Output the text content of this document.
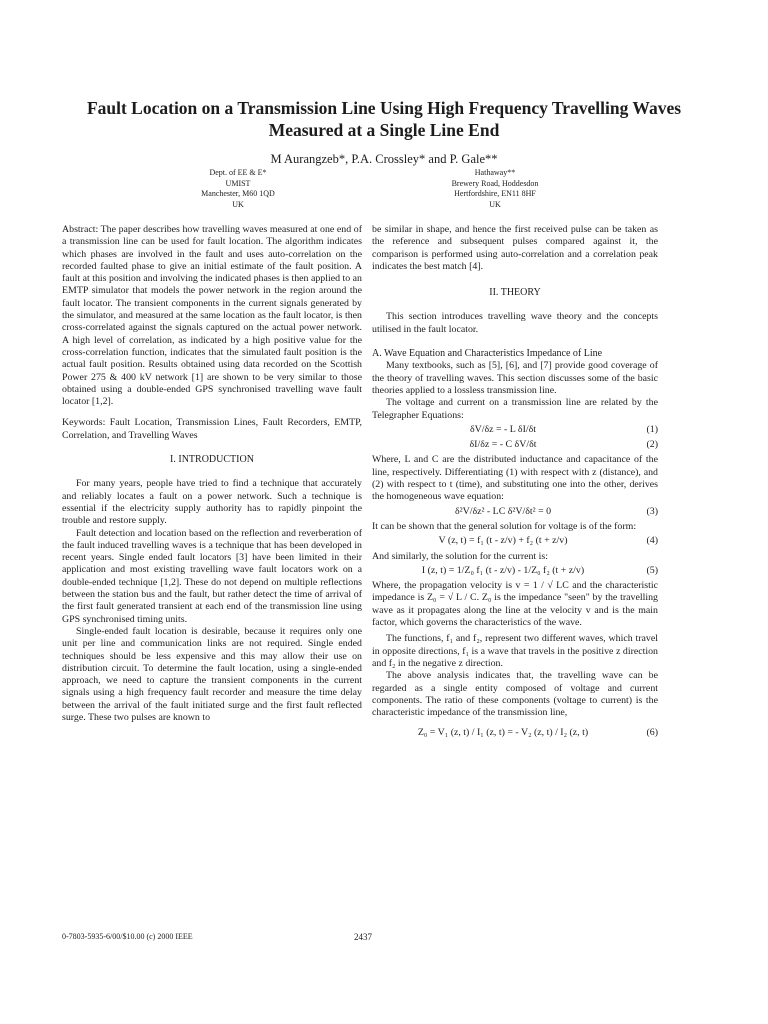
Fault Location on a Transmission Line Using High Frequency Travelling Waves
Measured at a Single Line End
M Aurangzeb*, P.A. Crossley* and P. Gale**
Dept. of EE & E*
UMIST
Manchester, M60 1QD
UK
Hathaway**
Brewery Road, Hoddesdon
Hertfordshire, EN11 8HF
UK

Abstract: The paper describes how travelling waves measured at one end of a transmission line can be used for fault location. The algorithm indicates which phases are involved in the fault and uses auto-correlation on the recorded faulted phase to give an initial estimate of the fault position. A fault at this position and involving the indicated phases is then applied to an EMTP simulator that models the power network in the region around the fault locator. The transient components in the current signals generated by the simulator, and measured at the same location as the fault locator, is then cross-correlated against the signals captured on the actual power network. A high level of correlation, as indicated by a high positive value for the cross-correlation function, indicates that the simulated fault position is the actual fault position. Results obtained using data recorded on the Scottish Power 275 & 400 kV network [1] are shown to be very similar to those obtained using a double-ended GPS synchronised travelling wave fault locator [1,2].

Keywords: Fault Location, Transmission Lines, Fault Recorders, EMTP, Correlation, and Travelling Waves

I. INTRODUCTION

For many years, people have tried to find a technique that accurately and reliably locates a fault on a power network. Such a technique is essential if the electricity supply authority has to rapidly pinpoint the trouble and restore supply.

Fault detection and location based on the reflection and reverberation of the fault induced travelling waves is a technique that has been developed in recent years. Single ended fault locators [3] have been limited in their application and most existing travelling wave fault locators work on a double-ended technique [1,2]. These do not depend on multiple reflections between the station bus and the fault, but rather detect the time of arrival of the first fault generated transient at each end of the transmission line using GPS synchronised timing units.

Single-ended fault location is desirable, because it requires only one unit per line and communication links are not required. Single ended techniques should be less expensive and this may allow their use on distribution circuit. To determine the fault location, using a single-ended approach, we need to capture the transient components in the current signals using a high frequency fault recorder and measure the time delay between the arrival of the fault initiated surge and the first fault reflected surge. These two pulses are known to

be similar in shape, and hence the first received pulse can be taken as the reference and subsequent pulses compared against it, the comparison is performed using auto-correlation and a correlation peak indicates the best match [4].

II. THEORY

This section introduces travelling wave theory and the concepts utilised in the fault locator.

A. Wave Equation and Characteristics Impedance of Line

Many textbooks, such as [5], [6], and [7] provide good coverage of the theory of travelling waves. This section discusses some of the basic theories applied to a lossless transmission line.

The voltage and current on a transmission line are related by the Telegrapher Equations:

δV/δz = - L δI/δt	(1)
δI/δz = - C δV/δt	(2)

Where, L and C are the distributed inductance and capacitance of the line, respectively. Differentiating (1) with respect with z (distance), and (2) with respect to t (time), and substituting one into the other, derives the homogeneous wave equation:

δ²V/δz² - LC δ²V/δt² = 0	(3)

It can be shown that the general solution for voltage is of the form:

V (z, t) = f₁ (t - z/v) + f₂ (t + z/v)	(4)

And similarly, the solution for the current is:

I (z, t) = 1/Z₀ f₁ (t - z/v) - 1/Z₀ f₂ (t + z/v)	(5)

Where, the propagation velocity is v = 1 / √ LC and the characteristic impedance is Z₀ = √ L / C. Z₀ is the impedance "seen" by the travelling wave as it propagates along the line at the velocity v and is the main factor, which governs the characteristics of the wave.

The functions, f₁ and f₂, represent two different waves, which travel in opposite directions, f₁ is a wave that travels in the positive z direction and f₂ in the negative z direction.

The above analysis indicates that, the travelling wave can be regarded as a single entity composed of voltage and current components. The ratio of these components (voltage to current) is the characteristic impedance of the transmission line,

Z₀ = V₁ (z, t) / I₁ (z, t) = - V₂ (z, t) / I₂ (z, t)	(6)
0-7803-5935-6/00/$10.00 (c) 2000 IEEE	2437
